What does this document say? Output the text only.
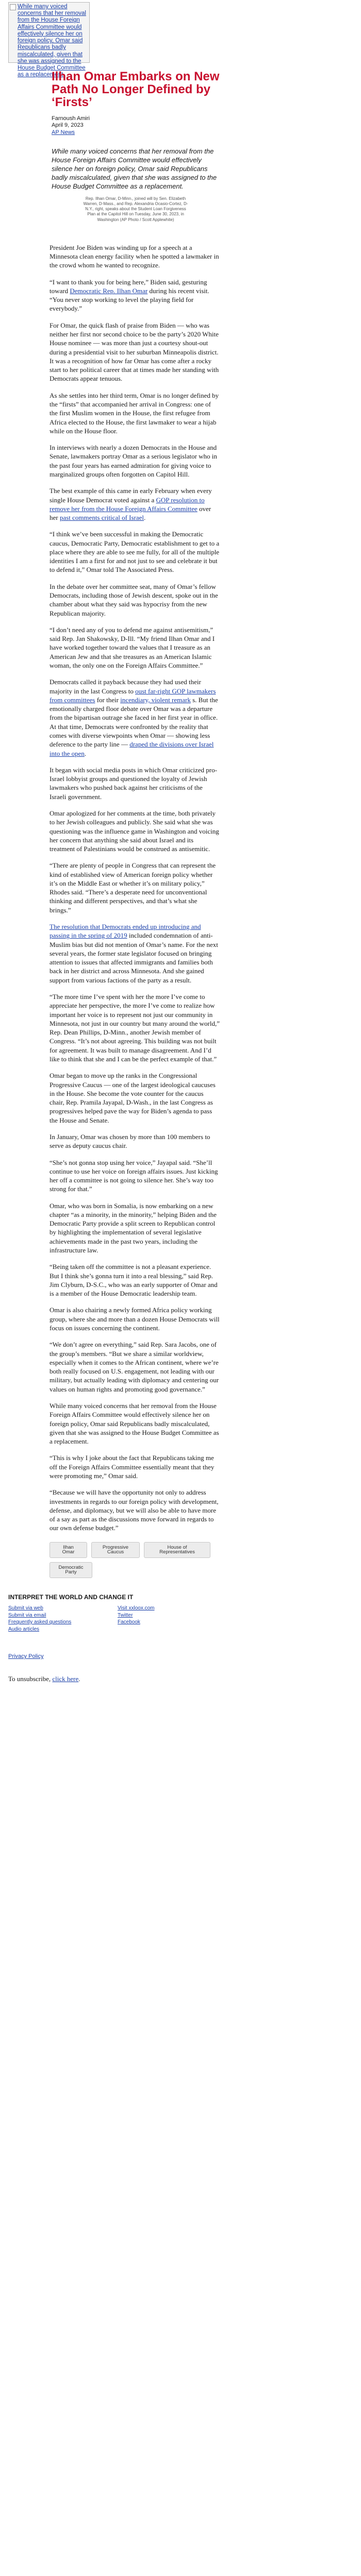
While many voiced concerns that her removal from the House Foreign Affairs Committee would effectively silence her on foreign policy, Omar said Republicans badly miscalculated, given that she was assigned to the House Budget Committee as a replacement.
Ilhan Omar Embarks on New Path No Longer Defined by ‘Firsts’
Farnoush Amiri
April 9, 2023
AP News

While many voiced concerns that her removal from the House Foreign Affairs Committee would effectively silence her on foreign policy, Omar said Republicans badly miscalculated, given that she was assigned to the House Budget Committee as a replacement.

Rep. Ilhan Omar, D-Minn., joined will by Sen. Elizabeth Warren, D-Mass., and Rep. Alexandria Ocasio-Cortez, D-N.Y., right, speaks about the Student Loan Forgiveness Plan at the Capitol Hill on Tuesday, June 30, 2023, in Washington (AP Photo / Scott Applewhite)

President Joe Biden was winding up for a speech at a Minnesota clean energy facility when he spotted a lawmaker in the crowd whom he wanted to recognize.

“I want to thank you for being here,” Biden said, gesturing toward Democratic Rep. Ilhan Omar during his recent visit. “You never stop working to level the playing field for everybody.”

For Omar, the quick flash of praise from Biden — who was neither her first nor second choice to be the party’s 2020 White House nominee — was more than just a courtesy shout-out during a presidential visit to her suburban Minneapolis district. It was a recognition of how far Omar has come after a rocky start to her political career that at times made her standing with Democrats appear tenuous.

As she settles into her third term, Omar is no longer defined by the “firsts” that accompanied her arrival in Congress: one of the first Muslim women in the House, the first refugee from Africa elected to the House, the first lawmaker to wear a hijab while on the House floor.

In interviews with nearly a dozen Democrats in the House and Senate, lawmakers portray Omar as a serious legislator who in the past four years has earned admiration for giving voice to marginalized groups often forgotten on Capitol Hill.

The best example of this came in early February when every single House Democrat voted against a GOP resolution to remove her from the House Foreign Affairs Committee over her past comments critical of Israel.

“I think we’ve been successful in making the Democratic caucus, Democratic Party, Democratic establishment to get to a place where they are able to see me fully, for all of the multiple identities I am a first for and not just to see and celebrate it but to defend it,” Omar told The Associated Press.

In the debate over her committee seat, many of Omar’s fellow Democrats, including those of Jewish descent, spoke out in the chamber about what they said was hypocrisy from the new Republican majority.

“I don’t need any of you to defend me against antisemitism,” said Rep. Jan Shakowsky, D-Ill. “My friend Ilhan Omar and I have worked together toward the values that I treasure as an American Jew and that she treasures as an American Islamic woman, the only one on the Foreign Affairs Committee.”

Democrats called it payback because they had used their majority in the last Congress to oust far-right GOP lawmakers from committees for their incendiary, violent remark s. But the emotionally charged floor debate over Omar was a departure from the bipartisan outrage she faced in her first year in office. At that time, Democrats were confronted by the reality that comes with diverse viewpoints when Omar — showing less deference to the party line — draped the divisions over Israel into the open.

It began with social media posts in which Omar criticized pro-Israel lobbyist groups and questioned the loyalty of Jewish lawmakers who pushed back against her criticisms of the Israeli government.

Omar apologized for her comments at the time, both privately to her Jewish colleagues and publicly. She said what she was questioning was the influence game in Washington and voicing her concern that anything she said about Israel and its treatment of Palestinians would be construed as antisemitic.

“There are plenty of people in Congress that can represent the kind of established view of American foreign policy whether it’s on the Middle East or whether it’s on military policy,” Rhodes said. “There’s a desperate need for unconventional thinking and different perspectives, and that’s what she brings.”

The resolution that Democrats ended up introducing and passing in the spring of 2019 included condemnation of anti-Muslim bias but did not mention of Omar’s name. For the next several years, the former state legislator focused on bringing attention to issues that affected immigrants and families both back in her district and across Minnesota. And she gained support from various factions of the party as a result.

“The more time I’ve spent with her the more I’ve come to appreciate her perspective, the more I’ve come to realize how important her voice is to represent not just our community in Minnesota, not just in our country but many around the world,” Rep. Dean Phillips, D-Minn., another Jewish member of Congress. “It’s not about agreeing. This building was not built for agreement. It was built to manage disagreement. And I’d like to think that she and I can be the perfect example of that.”

Omar began to move up the ranks in the Congressional Progressive Caucus — one of the largest ideological caucuses in the House. She become the vote counter for the caucus chair, Rep. Pramila Jayapal, D-Wash., in the last Congress as progressives helped pave the way for Biden’s agenda to pass the House and Senate.

In January, Omar was chosen by more than 100 members to serve as deputy caucus chair.

“She’s not gonna stop using her voice,” Jayapal said. “She’ll continue to use her voice on foreign affairs issues. Just kicking her off a committee is not going to silence her. She’s way too strong for that.”

Omar, who was born in Somalia, is now embarking on a new chapter “as a minority, in the minority,” helping Biden and the Democratic Party provide a split screen to Republican control by highlighting the implementation of several legislative achievements made in the past two years, including the infrastructure law.

“Being taken off the committee is not a pleasant experience. But I think she’s gonna turn it into a real blessing,” said Rep. Jim Clyburn, D-S.C., who was an early supporter of Omar and is a member of the House Democratic leadership team.

Omar is also chairing a newly formed Africa policy working group, where she and more than a dozen House Democrats will focus on issues concerning the continent.

“We don’t agree on everything,” said Rep. Sara Jacobs, one of the group’s members. “But we share a similar worldview, especially when it comes to the African continent, where we’re both really focused on U.S. engagement, not leading with our military, but actually leading with diplomacy and centering our values on human rights and promoting good governance.”

While many voiced concerns that her removal from the House Foreign Affairs Committee would effectively silence her on foreign policy, Omar said Republicans badly miscalculated, given that she was assigned to the House Budget Committee as a replacement.

“This is why I joke about the fact that Republicans taking me off the Foreign Affairs Committee essentially meant that they were promoting me,” Omar said.

“Because we will have the opportunity not only to address investments in regards to our foreign policy with development, defense, and diplomacy, but we will also be able to have more of a say as part as the discussions move forward in regards to our own defense budget.”

Ilhan Omar
Progressive Caucus
House of Representatives
Democratic Party
INTERPRET THE WORLD AND CHANGE IT
Submit via web
Submit via email
Frequently asked questions
Audio articles
Visit xxloox.com
Twitter
Facebook
Privacy Policy
To unsubscribe, click here.
